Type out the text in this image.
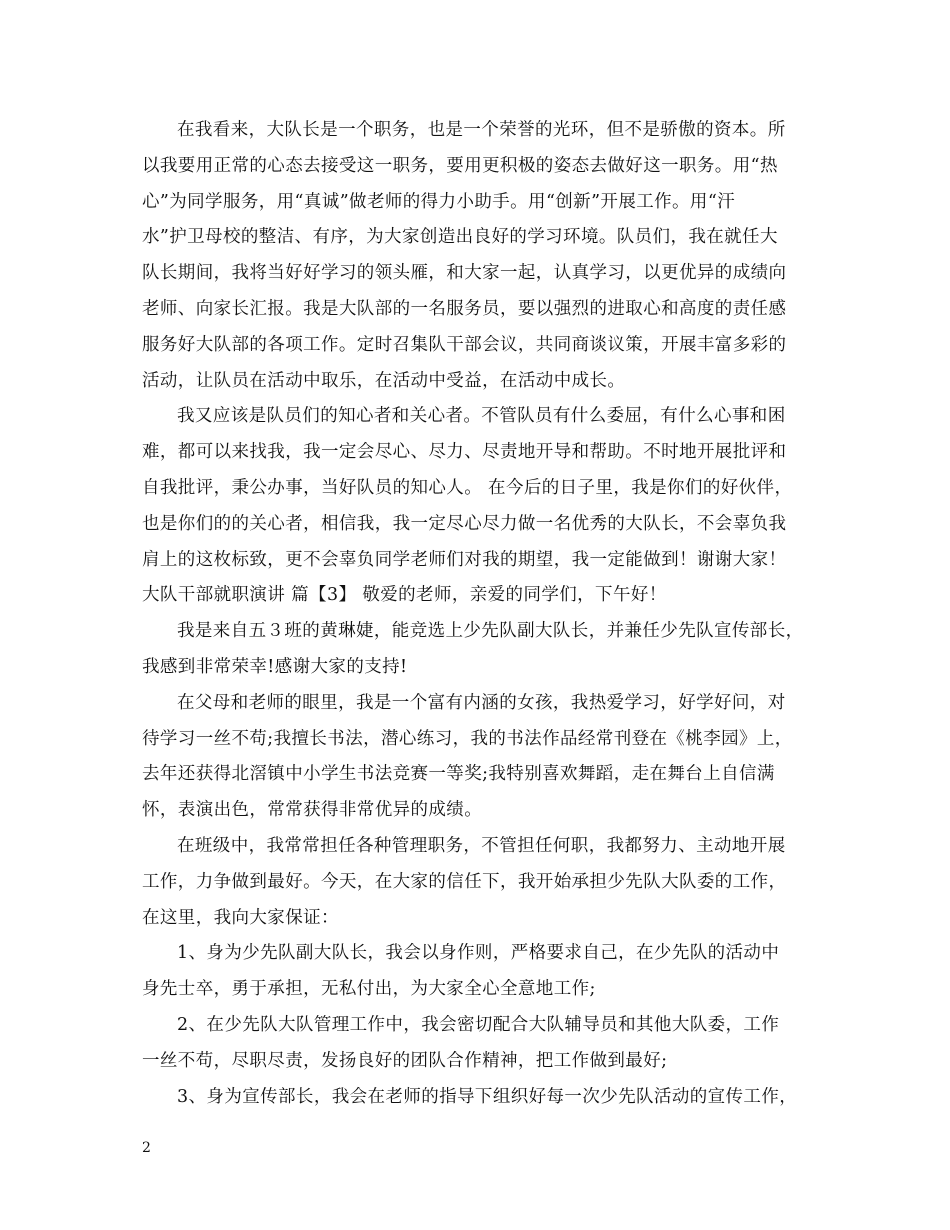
在我看来，大队长是一个职务，也是一个荣誉的光环，但不是骄傲的资本。所
以我要用正常的心态去接受这一职务，要用更积极的姿态去做好这一职务。用“热
心”为同学服务，用“真诚”做老师的得力小助手。用“创新”开展工作。用“汗
水”护卫母校的整洁、有序，为大家创造出良好的学习环境。队员们，我在就任大
队长期间，我将当好好学习的领头雁，和大家一起，认真学习，以更优异的成绩向
老师、向家长汇报。我是大队部的一名服务员，要以强烈的进取心和高度的责任感
服务好大队部的各项工作。定时召集队干部会议，共同商谈议策，开展丰富多彩的
活动，让队员在活动中取乐，在活动中受益，在活动中成长。
我又应该是队员们的知心者和关心者。不管队员有什么委屈，有什么心事和困
难，都可以来找我，我一定会尽心、尽力、尽责地开导和帮助。不时地开展批评和
自我批评，秉公办事，当好队员的知心人。 在今后的日子里，我是你们的好伙伴，
也是你们的的关心者，相信我，我一定尽心尽力做一名优秀的大队长，不会辜负我
肩上的这枚标致，更不会辜负同学老师们对我的期望，我一定能做到！谢谢大家！
大队干部就职演讲 篇【3】 敬爱的老师，亲爱的同学们，下午好！
我是来自五３班的黄琳婕，能竞选上少先队副大队长，并兼任少先队宣传部长，
我感到非常荣幸!感谢大家的支持!
在父母和老师的眼里，我是一个富有内涵的女孩，我热爱学习，好学好问，对
待学习一丝不苟;我擅长书法，潜心练习，我的书法作品经常刊登在《桃李园》上，
去年还获得北滘镇中小学生书法竞赛一等奖;我特别喜欢舞蹈，走在舞台上自信满
怀，表演出色，常常获得非常优异的成绩。
在班级中，我常常担任各种管理职务，不管担任何职，我都努力、主动地开展
工作，力争做到最好。今天，在大家的信任下，我开始承担少先队大队委的工作，
在这里，我向大家保证：
1、身为少先队副大队长，我会以身作则，严格要求自己，在少先队的活动中
身先士卒，勇于承担，无私付出，为大家全心全意地工作;
2、在少先队大队管理工作中，我会密切配合大队辅导员和其他大队委，工作
一丝不苟，尽职尽责，发扬良好的团队合作精神，把工作做到最好;
3、身为宣传部长，我会在老师的指导下组织好每一次少先队活动的宣传工作，
2
